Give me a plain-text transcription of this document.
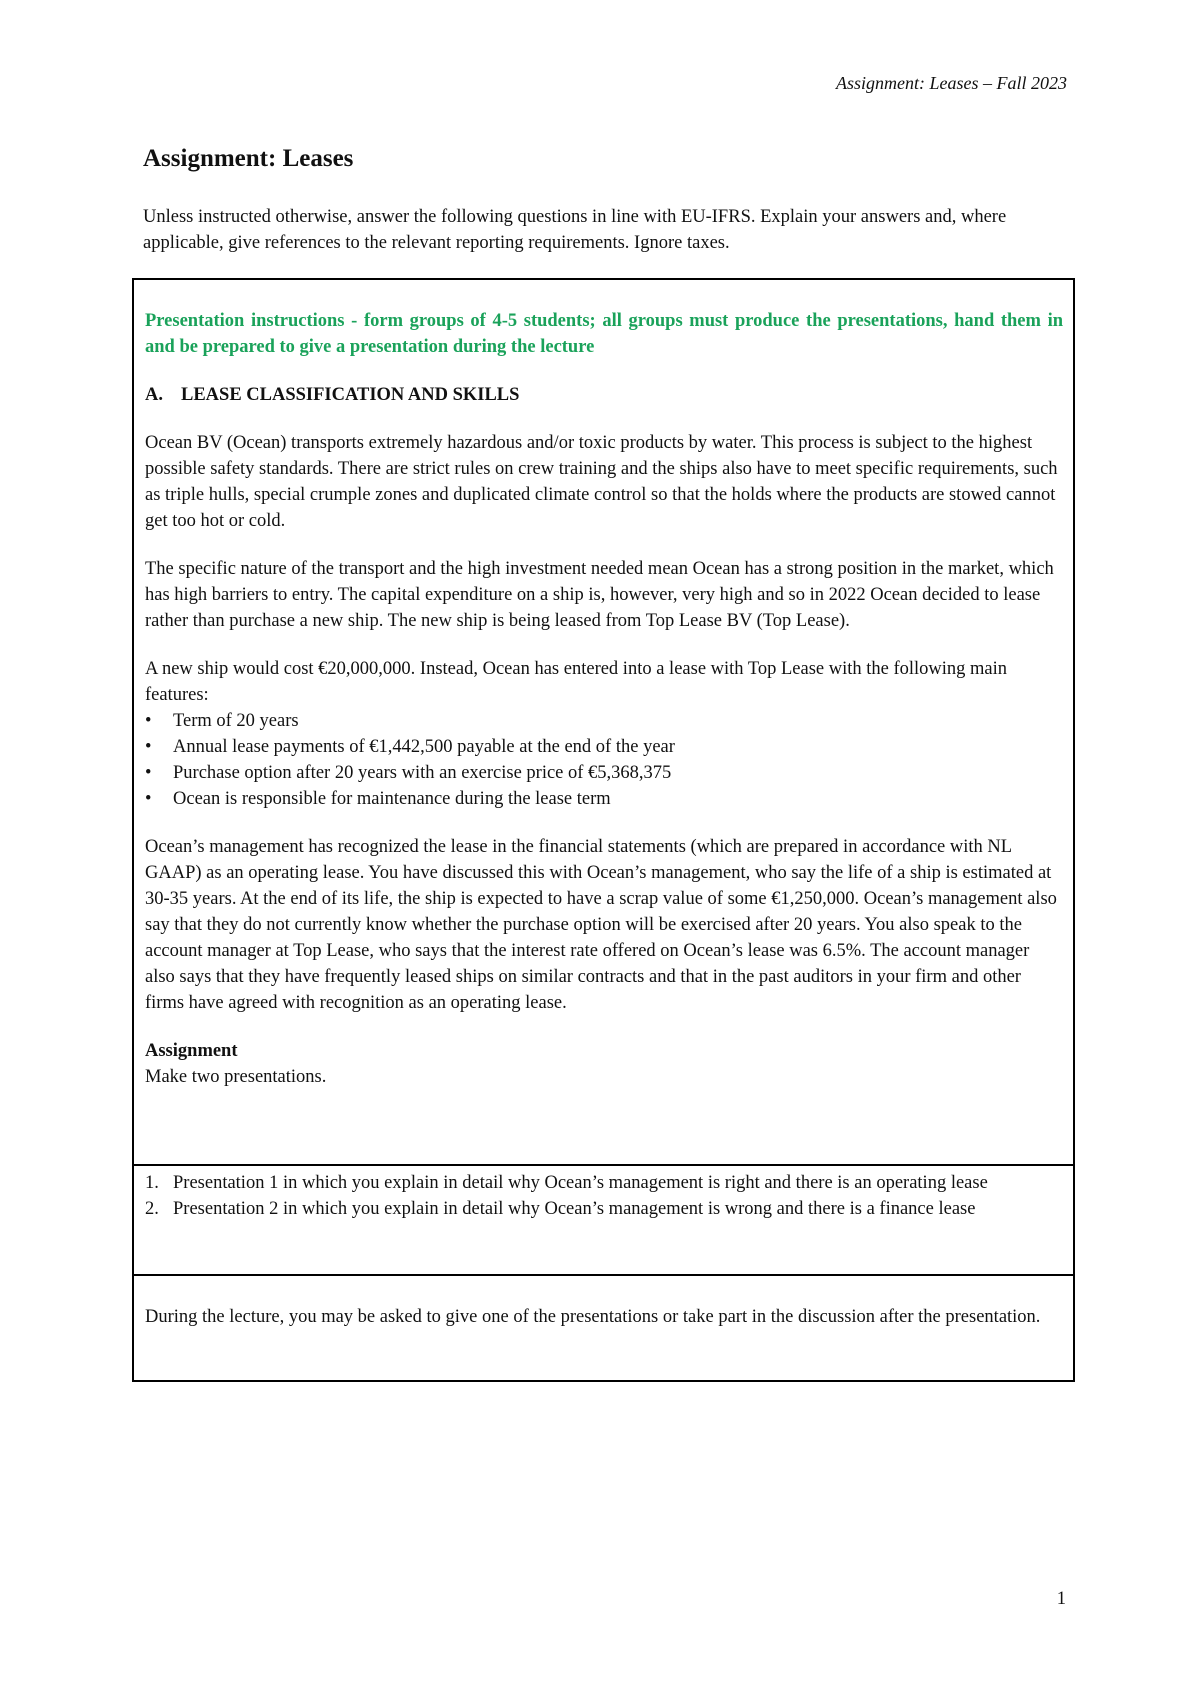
Assignment: Leases – Fall 2023
Assignment: Leases

Unless instructed otherwise, answer the following questions in line with EU-IFRS. Explain your answers and, where applicable, give references to the relevant reporting requirements. Ignore taxes.

Presentation instructions - form groups of 4-5 students; all groups must produce the presentations, hand them in and be prepared to give a presentation during the lecture

A. LEASE CLASSIFICATION AND SKILLS

Ocean BV (Ocean) transports extremely hazardous and/or toxic products by water. This process is subject to the highest possible safety standards. There are strict rules on crew training and the ships also have to meet specific requirements, such as triple hulls, special crumple zones and duplicated climate control so that the holds where the products are stowed cannot get too hot or cold.

The specific nature of the transport and the high investment needed mean Ocean has a strong position in the market, which has high barriers to entry. The capital expenditure on a ship is, however, very high and so in 2022 Ocean decided to lease rather than purchase a new ship. The new ship is being leased from Top Lease BV (Top Lease).

A new ship would cost €20,000,000. Instead, Ocean has entered into a lease with Top Lease with the following main features:

•	Term of 20 years
•	Annual lease payments of €1,442,500 payable at the end of the year
•	Purchase option after 20 years with an exercise price of €5,368,375
•	Ocean is responsible for maintenance during the lease term

Ocean’s management has recognized the lease in the financial statements (which are prepared in accordance with NL GAAP) as an operating lease. You have discussed this with Ocean’s management, who say the life of a ship is estimated at 30-35 years. At the end of its life, the ship is expected to have a scrap value of some €1,250,000. Ocean’s management also say that they do not currently know whether the purchase option will be exercised after 20 years. You also speak to the account manager at Top Lease, who says that the interest rate offered on Ocean’s lease was 6.5%. The account manager also says that they have frequently leased ships on similar contracts and that in the past auditors in your firm and other firms have agreed with recognition as an operating lease.

Assignment

Make two presentations.

1. Presentation 1 in which you explain in detail why Ocean’s management is right and there is an operating lease
2. Presentation 2 in which you explain in detail why Ocean’s management is wrong and there is a finance lease

During the lecture, you may be asked to give one of the presentations or take part in the discussion after the presentation.

1
